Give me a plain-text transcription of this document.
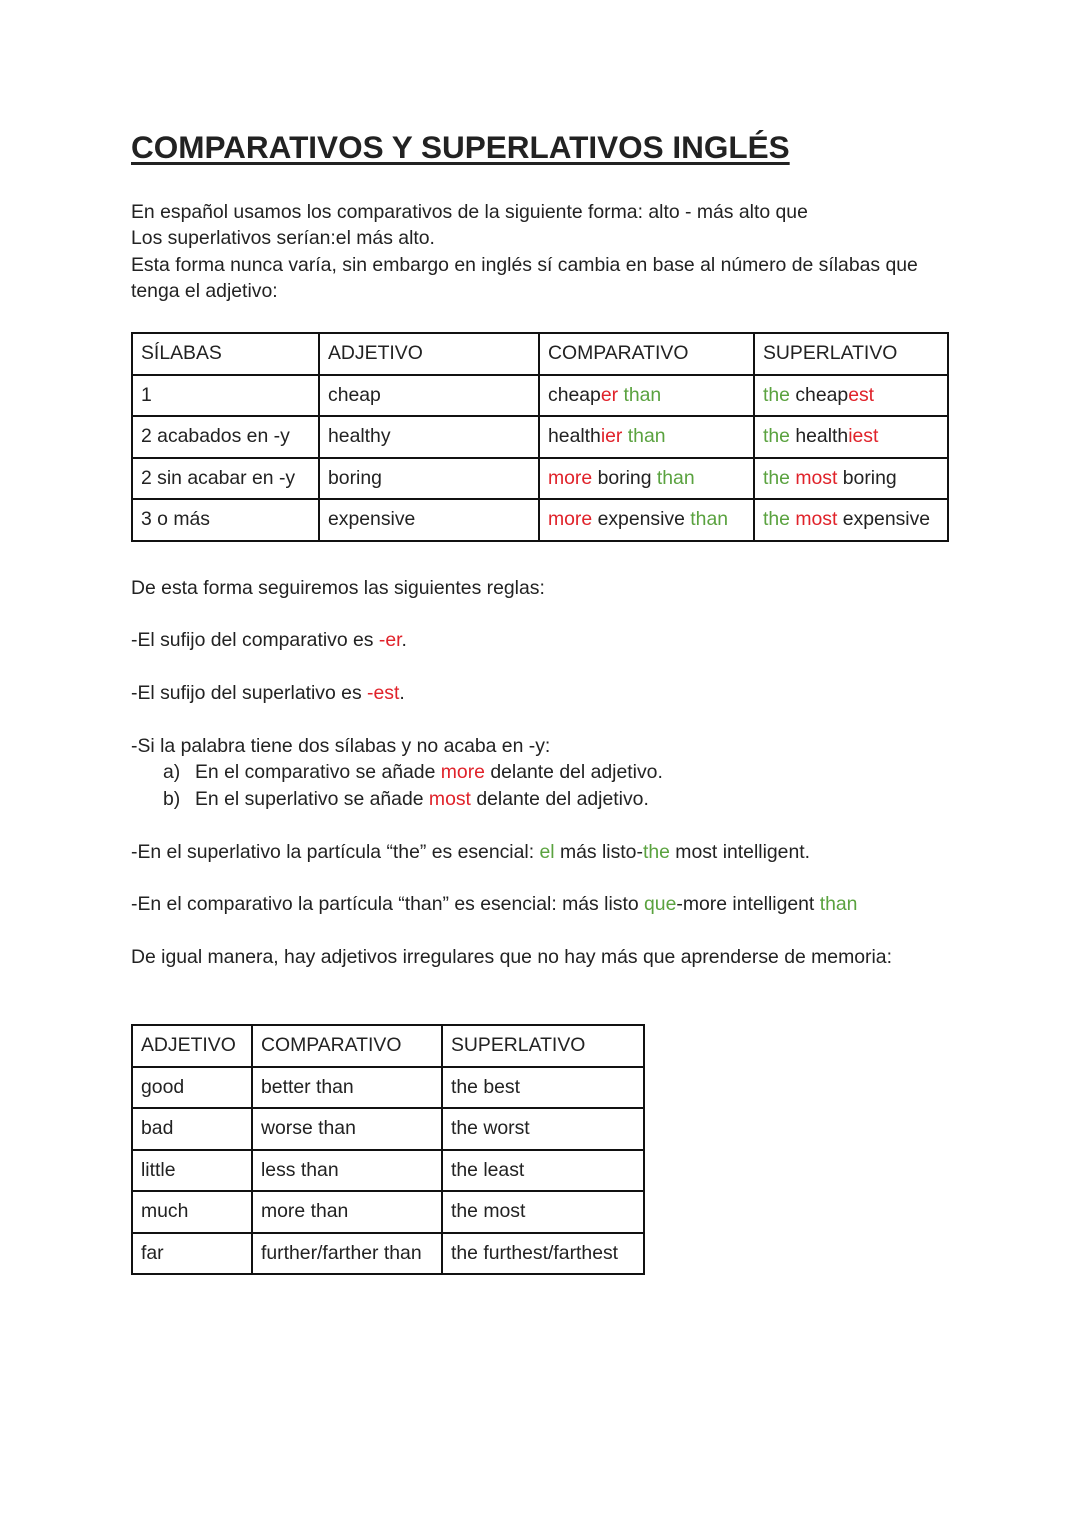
COMPARATIVOS Y SUPERLATIVOS INGLÉS

En español usamos los comparativos de la siguiente forma: alto - más alto que

Los superlativos serían:el más alto.

Esta forma nunca varía, sin embargo en inglés sí cambia en base al número de sílabas que

tenga el adjetivo:

SÍLABAS	ADJETIVO	COMPARATIVO	SUPERLATIVO
1	cheap	cheaper than	the cheapest
2 acabados en -y	healthy	healthier than	the healthiest
2 sin acabar en -y	boring	more boring than	the most boring
3 o más	expensive	more expensive than	the most expensive

De esta forma seguiremos las siguientes reglas:

-El sufijo del comparativo es -er.

-El sufijo del superlativo es -est.

-Si la palabra tiene dos sílabas y no acaba en -y:

a) En el comparativo se añade more delante del adjetivo.
b) En el superlativo se añade most delante del adjetivo.

-En el superlativo la partícula “the” es esencial: el más listo-the most intelligent.

-En el comparativo la partícula “than” es esencial: más listo que-more intelligent than

De igual manera, hay adjetivos irregulares que no hay más que aprenderse de memoria:

ADJETIVO	COMPARATIVO	SUPERLATIVO
good	better than	the best
bad	worse than	the worst
little	less than	the least
much	more than	the most
far	further/farther than	the furthest/farthest
